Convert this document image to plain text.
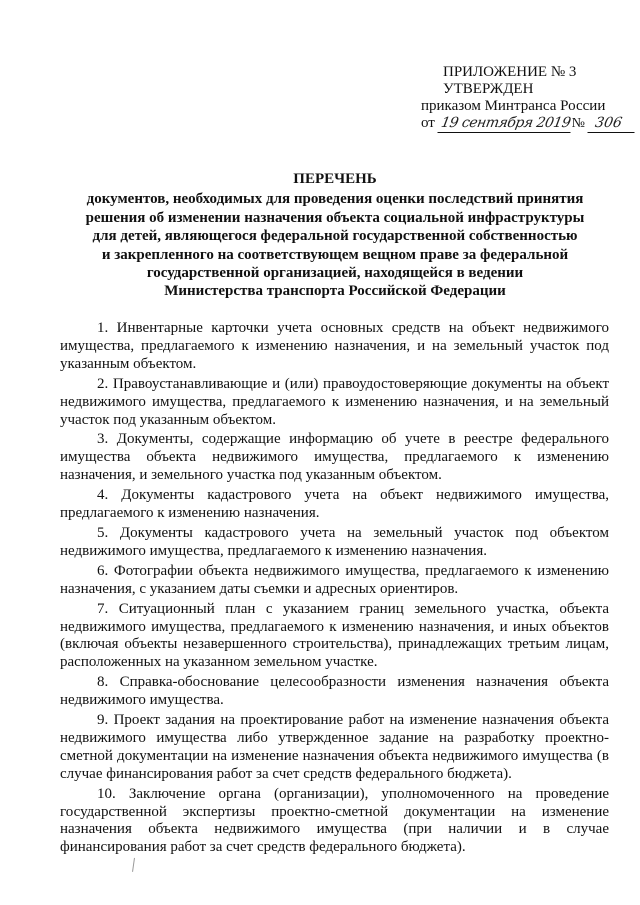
ПРИЛОЖЕНИЕ № 3
УТВЕРЖДЕН
приказом Минтранса России
от 19 сентября 2019№ 306
ПЕРЕЧЕНЬ
документов, необходимых для проведения оценки последствий принятия
решения об изменении назначения объекта социальной инфраструктуры
для детей, являющегося федеральной государственной собственностью
и закрепленного на соответствующем вещном праве за федеральной
государственной организацией, находящейся в ведении
Министерства транспорта Российской Федерации

1. Инвентарные карточки учета основных средств на объект недвижимого имущества, предлагаемого к изменению назначения, и на земельный участок под указанным объектом.

2. Правоустанавливающие и (или) правоудостоверяющие документы на объект недвижимого имущества, предлагаемого к изменению назначения, и на земельный участок под указанным объектом.

3. Документы, содержащие информацию об учете в реестре федерального имущества объекта недвижимого имущества, предлагаемого к изменению назначения, и земельного участка под указанным объектом.

4. Документы кадастрового учета на объект недвижимого имущества, предлагаемого к изменению назначения.

5. Документы кадастрового учета на земельный участок под объектом недвижимого имущества, предлагаемого к изменению назначения.

6. Фотографии объекта недвижимого имущества, предлагаемого к изменению назначения, с указанием даты съемки и адресных ориентиров.

7. Ситуационный план с указанием границ земельного участка, объекта недвижимого имущества, предлагаемого к изменению назначения, и иных объектов (включая объекты незавершенного строительства), принадлежащих третьим лицам, расположенных на указанном земельном участке.

8. Справка-обоснование целесообразности изменения назначения объекта недвижимого имущества.

9. Проект задания на проектирование работ на изменение назначения объекта недвижимого имущества либо утвержденное задание на разработку проектно-сметной документации на изменение назначения объекта недвижимого имущества (в случае финансирования работ за счет средств федерального бюджета).

10. Заключение органа (организации), уполномоченного на проведение государственной экспертизы проектно-сметной документации на изменение назначения объекта недвижимого имущества (при наличии и в случае финансирования работ за счет средств федерального бюджета).
